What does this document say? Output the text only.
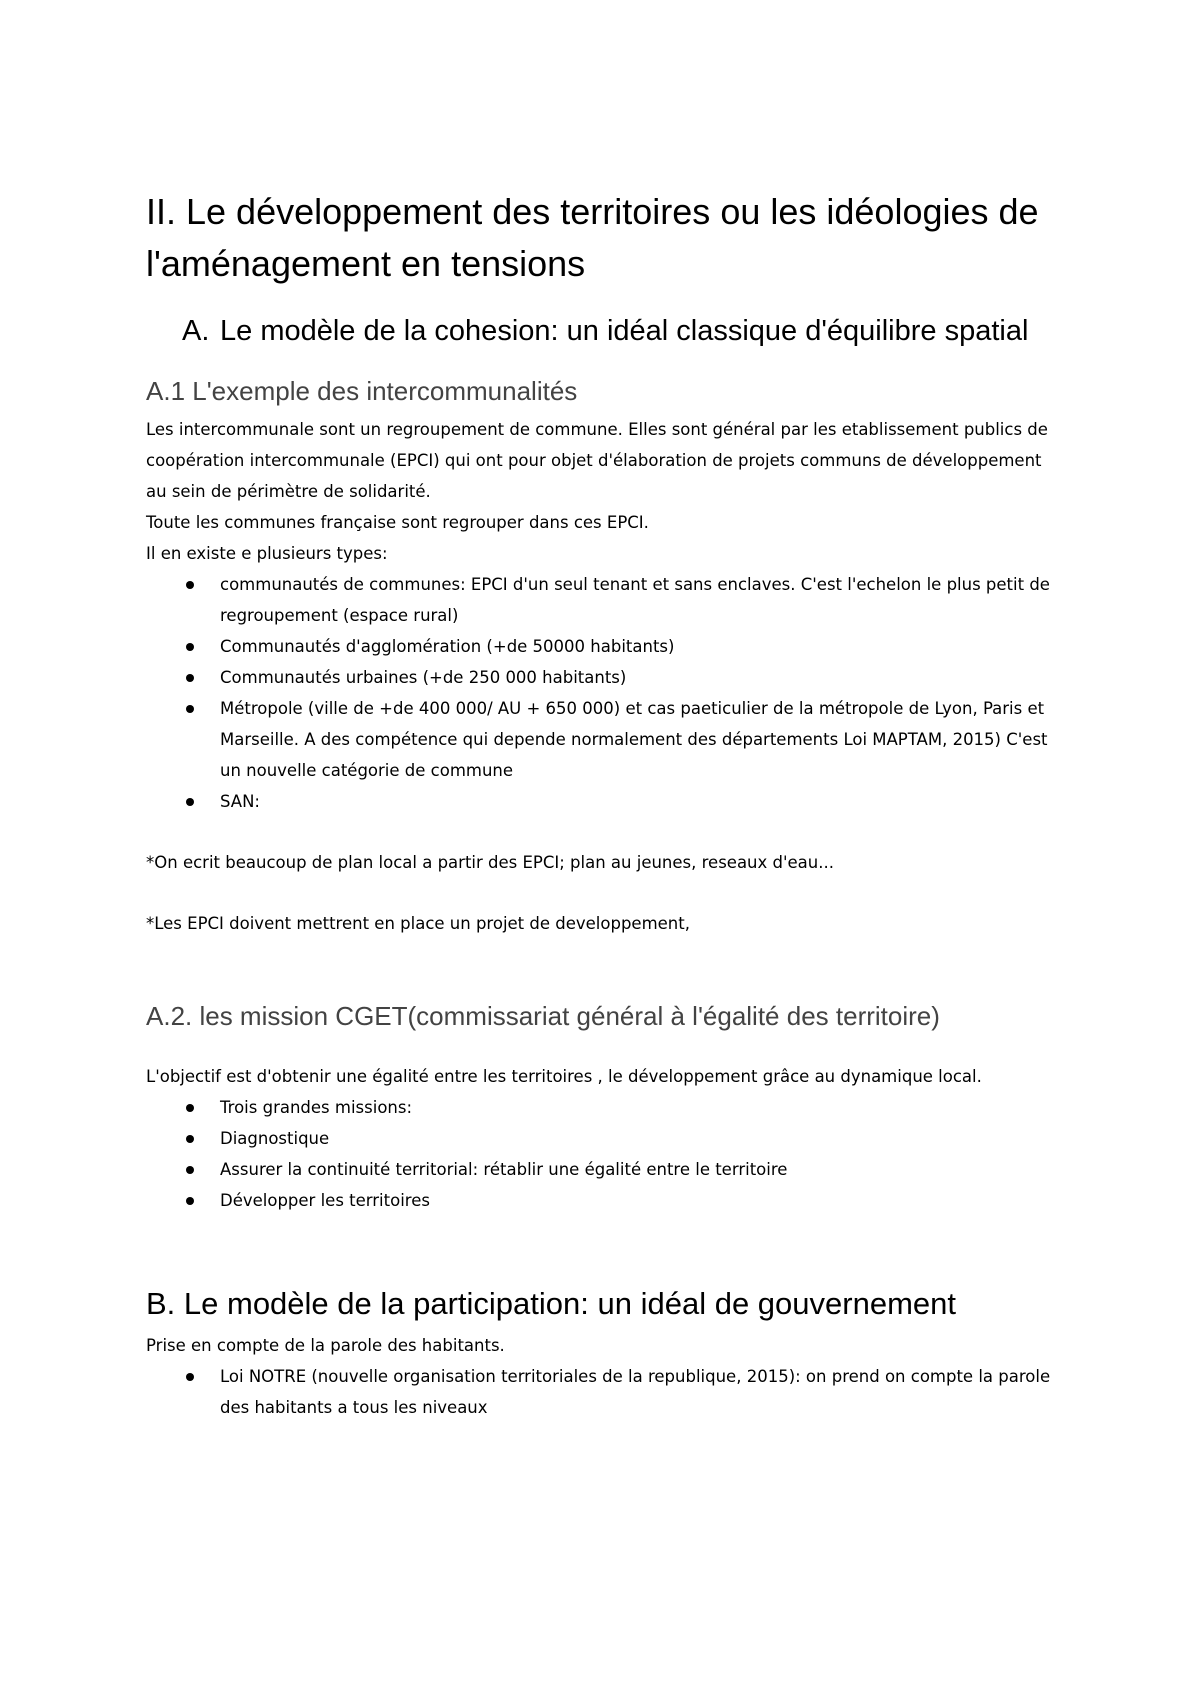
II. Le développement des territoires ou les idéologies de l'aménagement en tensions
A. Le modèle de la cohesion: un idéal classique d'équilibre spatial
A.1 L'exemple des intercommunalités

Les intercommunale sont un regroupement de commune. Elles sont général par les etablissement publics de coopération intercommunale (EPCI) qui ont pour objet d'élaboration de projets communs de développement au sein de périmètre de solidarité.

Toute les communes française sont regrouper dans ces EPCI.

Il en existe e plusieurs types:

communautés de communes: EPCI d'un seul tenant et sans enclaves. C'est l'echelon le plus petit de regroupement (espace rural)
Communautés d'agglomération (+de 50000 habitants)
Communautés urbaines (+de 250 000 habitants)
Métropole (ville de +de 400 000/ AU + 650 000) et cas paeticulier de la métropole de Lyon, Paris et Marseille. A des compétence qui depende normalement des départements Loi MAPTAM, 2015) C'est un nouvelle catégorie de commune
SAN:

*On ecrit beaucoup de plan local a partir des EPCI; plan au jeunes, reseaux d'eau...

*Les EPCI doivent mettrent en place un projet de developpement,

A.2. les mission CGET(commissariat général à l'égalité des territoire)

L'objectif est d'obtenir une égalité entre les territoires , le développement grâce au dynamique local.

Trois grandes missions:
Diagnostique
Assurer la continuité territorial: rétablir une égalité entre le territoire
Développer les territoires
B. Le modèle de la participation: un idéal de gouvernement

Prise en compte de la parole des habitants.

Loi NOTRE (nouvelle organisation territoriales de la republique, 2015): on prend on compte la parole des habitants a tous les niveaux
